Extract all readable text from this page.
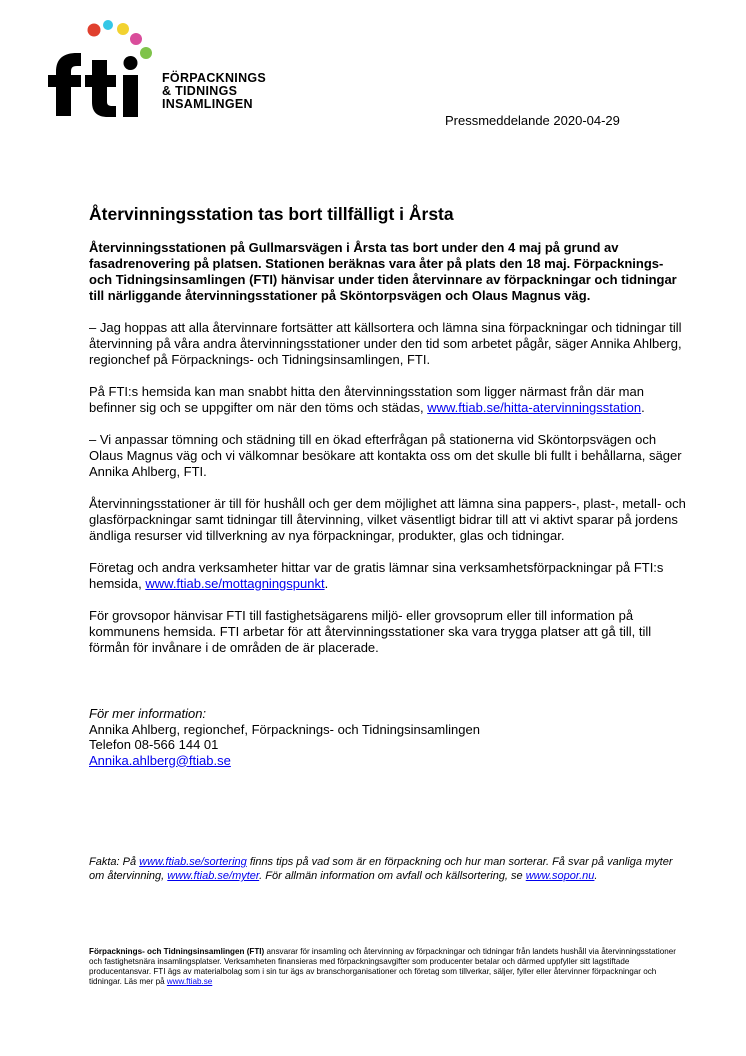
FÖRPACKNINGS
& TIDNINGS
INSAMLINGEN
Pressmeddelande 2020-04-29
Återvinningsstation tas bort tillfälligt i Årsta

Återvinningsstationen på Gullmarsvägen i Årsta tas bort under den 4 maj på grund av fasadrenovering på platsen. Stationen beräknas vara åter på plats den 18 maj. Förpacknings- och Tidningsinsamlingen (FTI) hänvisar under tiden återvinnare av förpackningar och tidningar till närliggande återvinningsstationer på Sköntorpsvägen och Olaus Magnus väg.

– Jag hoppas att alla återvinnare fortsätter att källsortera och lämna sina förpackningar och tidningar till återvinning på våra andra återvinningsstationer under den tid som arbetet pågår, säger Annika Ahlberg, regionchef på Förpacknings- och Tidningsinsamlingen, FTI.

På FTI:s hemsida kan man snabbt hitta den återvinningsstation som ligger närmast från där man befinner sig och se uppgifter om när den töms och städas, www.ftiab.se/hitta-atervinningsstation.

– Vi anpassar tömning och städning till en ökad efterfrågan på stationerna vid Sköntorpsvägen och Olaus Magnus väg och vi välkomnar besökare att kontakta oss om det skulle bli fullt i behållarna, säger Annika Ahlberg, FTI.

Återvinningsstationer är till för hushåll och ger dem möjlighet att lämna sina pappers-, plast-, metall- och glasförpackningar samt tidningar till återvinning, vilket väsentligt bidrar till att vi aktivt sparar på jordens ändliga resurser vid tillverkning av nya förpackningar, produkter, glas och tidningar.

Företag och andra verksamheter hittar var de gratis lämnar sina verksamhetsförpackningar på FTI:s hemsida, www.ftiab.se/mottagningspunkt.

För grovsopor hänvisar FTI till fastighetsägarens miljö- eller grovsoprum eller till information på kommunens hemsida. FTI arbetar för att återvinningsstationer ska vara trygga platser att gå till, till förmån för invånare i de områden de är placerade.

För mer information:
Annika Ahlberg, regionchef, Förpacknings- och Tidningsinsamlingen
Telefon 08-566 144 01
Annika.ahlberg@ftiab.se
Fakta: På www.ftiab.se/sortering finns tips på vad som är en förpackning och hur man sorterar. Få svar på vanliga myter om återvinning, www.ftiab.se/myter. För allmän information om avfall och källsortering, se www.sopor.nu.
Förpacknings- och Tidningsinsamlingen (FTI) ansvarar för insamling och återvinning av förpackningar och tidningar från landets hushåll via återvinningsstationer och fastighetsnära insamlingsplatser. Verksamheten finansieras med förpackningsavgifter som producenter betalar och därmed uppfyller sitt lagstiftade producentansvar. FTI ägs av materialbolag som i sin tur ägs av branschorganisationer och företag som tillverkar, säljer, fyller eller återvinner förpackningar och tidningar. Läs mer på www.ftiab.se
